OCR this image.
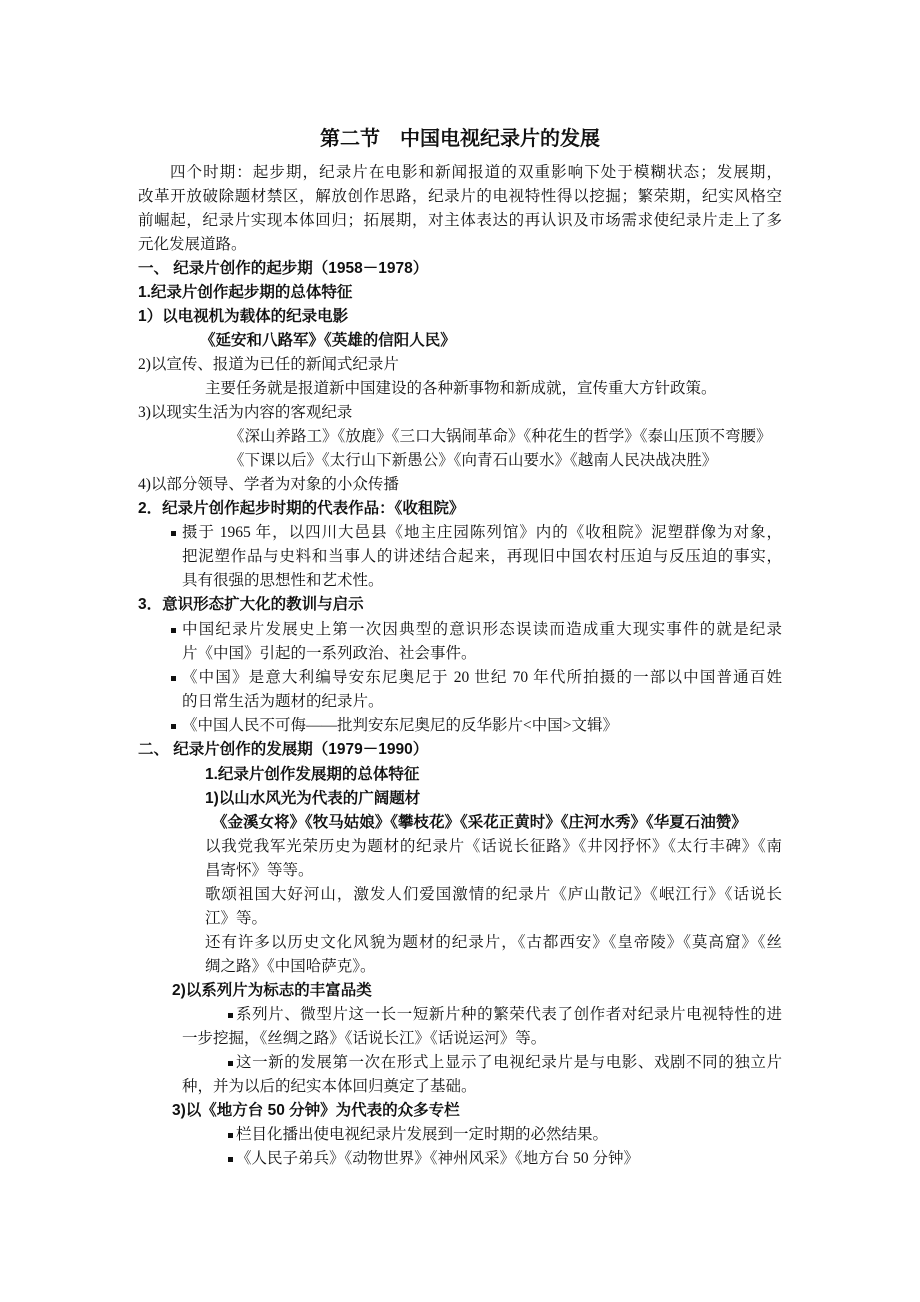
第二节　中国电视纪录片的发展
四个时期：起步期，纪录片在电影和新闻报道的双重影响下处于模糊状态；发展期，
改革开放破除题材禁区，解放创作思路，纪录片的电视特性得以挖掘；繁荣期，纪实风格空
前崛起，纪录片实现本体回归；拓展期，对主体表达的再认识及市场需求使纪录片走上了多
元化发展道路。
一、 纪录片创作的起步期（1958－1978）
1.纪录片创作起步期的总体特征
1）以电视机为载体的纪录电影
《延安和八路军》《英雄的信阳人民》
2)以宣传、报道为已任的新闻式纪录片
主要任务就是报道新中国建设的各种新事物和新成就，宣传重大方针政策。
3)以现实生活为内容的客观纪录
《深山养路工》《放鹿》《三口大锅闹革命》《种花生的哲学》《泰山压顶不弯腰》
《下课以后》《太行山下新愚公》《向青石山要水》《越南人民决战决胜》
4)以部分领导、学者为对象的小众传播
2．纪录片创作起步时期的代表作品：《收租院》
摄于 1965 年，以四川大邑县《地主庄园陈列馆》内的《收租院》泥塑群像为对象，
把泥塑作品与史料和当事人的讲述结合起来，再现旧中国农村压迫与反压迫的事实，
具有很强的思想性和艺术性。
3．意识形态扩大化的教训与启示
中国纪录片发展史上第一次因典型的意识形态误读而造成重大现实事件的就是纪录
片《中国》引起的一系列政治、社会事件。
《中国》是意大利编导安东尼奥尼于 20 世纪 70 年代所拍摄的一部以中国普通百姓
的日常生活为题材的纪录片。
《中国人民不可侮——批判安东尼奥尼的反华影片<中国>文辑》
二、 纪录片创作的发展期（1979－1990）
1.纪录片创作发展期的总体特征
1)以山水风光为代表的广阔题材
《金溪女将》《牧马姑娘》《攀枝花》《采花正黄时》《庄河水秀》《华夏石油赞》
以我党我军光荣历史为题材的纪录片《话说长征路》《井冈抒怀》《太行丰碑》《南
昌寄怀》等等。
歌颂祖国大好河山，激发人们爱国激情的纪录片《庐山散记》《岷江行》《话说长
江》等。
还有许多以历史文化风貌为题材的纪录片，《古都西安》《皇帝陵》《莫高窟》《丝
绸之路》《中国哈萨克》。
2)以系列片为标志的丰富品类
系列片、微型片这一长一短新片种的繁荣代表了创作者对纪录片电视特性的进
一步挖掘，《丝绸之路》《话说长江》《话说运河》等。
这一新的发展第一次在形式上显示了电视纪录片是与电影、戏剧不同的独立片
种，并为以后的纪实本体回归奠定了基础。
3)以《地方台 50 分钟》为代表的众多专栏
栏目化播出使电视纪录片发展到一定时期的必然结果。
《人民子弟兵》《动物世界》《神州风采》《地方台 50 分钟》
